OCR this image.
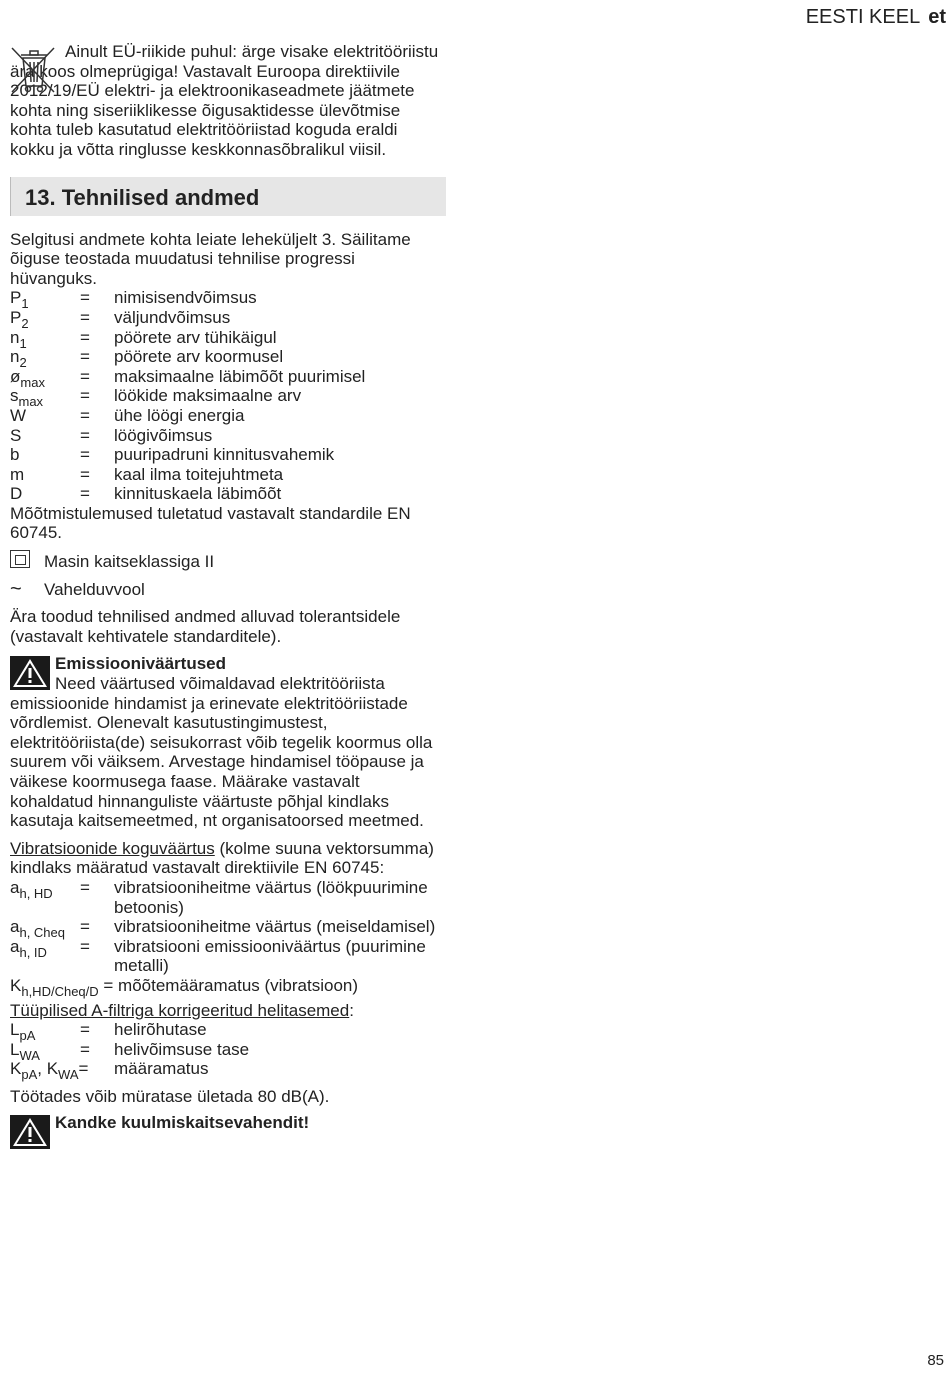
EESTI KEEL et

Ainult EÜ-riikide puhul: ärge visake elektritööriistu ära koos olmeprügiga! Vastavalt Euroopa direktiivile 2012/19/EÜ elektri- ja elektroonikaseadmete jäätmete kohta ning siseriiklikesse õigusaktidesse ülevõtmise kohta tuleb kasutatud elektritööriistad koguda eraldi kokku ja võtta ringlusse keskkonnasõbralikul viisil.

13. Tehnilised andmed

Selgitusi andmete kohta leiate leheküljelt 3. Säilitame õiguse teostada muudatusi tehnilise progressi hüvanguks.

$P_1$	=	nimisisendvõimsus
$P_2$	=	väljundvõimsus
$n_1$	=	pöörete arv tühikäigul
$n_2$	=	pöörete arv koormusel
$ø_{max}$	=	maksimaalne läbimõõt puurimisel
$s_{max}$	=	löökide maksimaalne arv
W	=	ühe löögi energia
S	=	löögivõimsus
b	=	puuripadruni kinnitusvahemik
m	=	kaal ilma toitejuhtmeta
D	=	kinnituskaela läbimõõt

Mõõtmistulemused tuletatud vastavalt standardile EN 60745.

Masin kaitseklassiga II
~	Vahelduvvool

Ära toodud tehnilised andmed alluvad tolerantsidele (vastavalt kehtivatele standarditele).

Emissiooniväärtused

Need väärtused võimaldavad elektritööriista emissioonide hindamist ja erinevate elektritööriistade võrdlemist. Olenevalt kasutustingimustest, elektritööriista(de) seisukorrast võib tegelik koormus olla suurem või väiksem. Arvestage hindamisel tööpause ja väikese koormusega faase. Määrake vastavalt kohaldatud hinnanguliste väärtuste põhjal kindlaks kasutaja kaitsemeetmed, nt organisatoorsed meetmed.

Vibratsioonide koguväärtus (kolme suuna vektorsumma) kindlaks määratud vastavalt direktiivile EN 60745:

$a_{h, HD}$	=	vibratsiooniheitme väärtus (löökpuurimine betoonis)
$a_{h, Cheq}$ =	vibratsiooniheitme väärtus (meiseldamisel)
$a_{h, ID}$	=	vibratsiooni emissiooniväärtus (puurimine metalli)

$K_{h,HD/Cheq/D}$ = mõõtemääramatus (vibratsioon)

Tüüpilised A-filtriga korrigeeritud helitasemed:

$L_{pA}$	=	helirõhutase
$L_{WA}$	=	helivõimsuse tase
$K_{pA}$, $K_{WA}=$	määramatus

Töötades võib müratase ületada 80 dB(A).

Kandke kuulmiskaitsevahendit!

85
